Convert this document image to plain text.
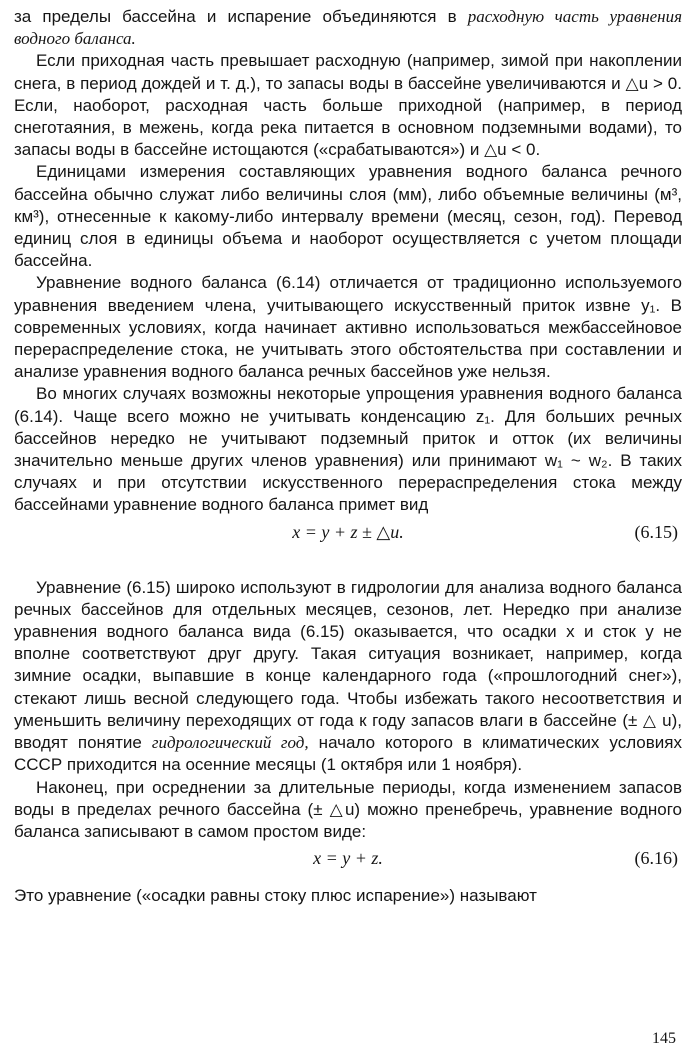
за пределы бассейна и испарение объединяются в расходную часть уравнения водного баланса.

Если приходная часть превышает расходную (например, зимой при накоплении снега, в период дождей и т. д.), то запасы воды в бассейне увеличиваются и △u > 0. Если, наоборот, расходная часть больше приходной (например, в период снеготаяния, в межень, когда река питается в основном подземными водами), то запасы воды в бассейне истощаются («срабатываются») и △u < 0.

Единицами измерения составляющих уравнения водного баланса речного бассейна обычно служат либо величины слоя (мм), либо объемные величины (м³, км³), отнесенные к какому-либо интервалу времени (месяц, сезон, год). Перевод единиц слоя в единицы объема и наоборот осуществляется с учетом площади бассейна.

Уравнение водного баланса (6.14) отличается от традиционно используемого уравнения введением члена, учитывающего искусственный приток извне y₁. В современных условиях, когда начинает активно использоваться межбассейновое перераспределение стока, не учитывать этого обстоятельства при составлении и анализе уравнения водного баланса речных бассейнов уже нельзя.

Во многих случаях возможны некоторые упрощения уравнения водного баланса (6.14). Чаще всего можно не учитывать конденсацию z₁. Для больших речных бассейнов нередко не учитывают подземный приток и отток (их величины значительно меньше других членов уравнения) или принимают w₁ ~ w₂. В таких случаях и при отсутствии искусственного перераспределения стока между бассейнами уравнение водного баланса примет вид

x = y + z ± △u.	(6.15)

Уравнение (6.15) широко используют в гидрологии для анализа водного баланса речных бассейнов для отдельных месяцев, сезонов, лет. Нередко при анализе уравнения водного баланса вида (6.15) оказывается, что осадки x и сток y не вполне соответствуют друг другу. Такая ситуация возникает, например, когда зимние осадки, выпавшие в конце календарного года («прошлогодний снег»), стекают лишь весной следующего года. Чтобы избежать такого несоответствия и уменьшить величину переходящих от года к году запасов влаги в бассейне (± △ u), вводят понятие гидрологический год, начало которого в климатических условиях СССР приходится на осенние месяцы (1 октября или 1 ноября).

Наконец, при осреднении за длительные периоды, когда изменением запасов воды в пределах речного бассейна (± △u) можно пренебречь, уравнение водного баланса записывают в самом простом виде:

x = y + z.	(6.16)

Это уравнение («осадки равны стоку плюс испарение») называют

145
